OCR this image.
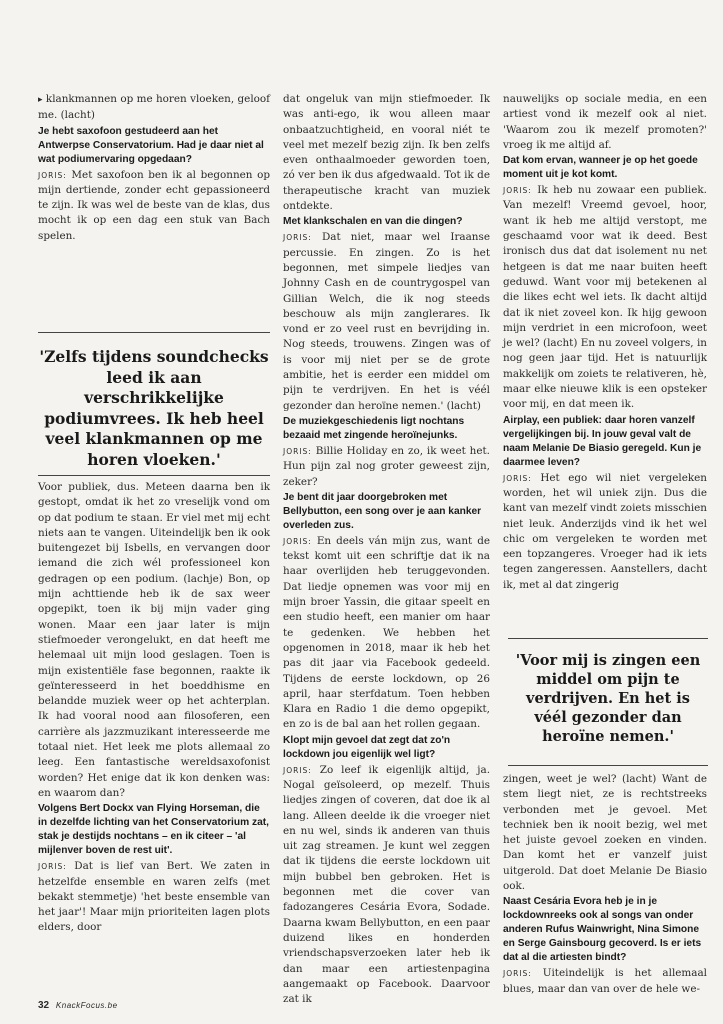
▸ klankmannen op me horen vloeken, geloof me. (lacht)

Je hebt saxofoon gestudeerd aan het Antwerpse Conservatorium. Had je daar niet al wat podiumervaring opgedaan?

JORIS: Met saxofoon ben ik al begonnen op mijn dertiende, zonder echt gepassioneerd te zijn. Ik was wel de beste van de klas, dus mocht ik op een dag een stuk van Bach spelen.

'Zelfs tijdens soundchecks leed ik aan verschrikkelijke podiumvrees. Ik heb heel veel klankmannen op me horen vloeken.'

Voor publiek, dus. Meteen daarna ben ik gestopt, omdat ik het zo vreselijk vond om op dat podium te staan. Er viel met mij echt niets aan te vangen. Uiteindelijk ben ik ook buitengezet bij Isbells, en vervangen door iemand die zich wél professioneel kon gedragen op een podium. (lachje) Bon, op mijn achttiende heb ik de sax weer opgepikt, toen ik bij mijn vader ging wonen. Maar een jaar later is mijn stiefmoeder verongelukt, en dat heeft me helemaal uit mijn lood geslagen. Toen is mijn existentiële fase begonnen, raakte ik geïnteresseerd in het boeddhisme en belandde muziek weer op het achterplan. Ik had vooral nood aan filosoferen, een carrière als jazzmuzikant interesseerde me totaal niet. Het leek me plots allemaal zo leeg. Een fantastische wereldsaxofonist worden? Het enige dat ik kon denken was: en waarom dan?

Volgens Bert Dockx van Flying Horseman, die in dezelfde lichting van het Conservatorium zat, stak je destijds nochtans – en ik citeer – 'al mijlenver boven de rest uit'.

JORIS: Dat is lief van Bert. We zaten in hetzelfde ensemble en waren zelfs (met bekakt stemmetje) 'het beste ensemble van het jaar'! Maar mijn prioriteiten lagen plots elders, door

dat ongeluk van mijn stiefmoeder. Ik was anti-ego, ik wou alleen maar onbaatzuchtigheid, en vooral niét te veel met mezelf bezig zijn. Ik ben zelfs even onthaalmoeder geworden toen, zó ver ben ik dus afgedwaald. Tot ik de therapeutische kracht van muziek ontdekte.

Met klankschalen en van die dingen?

JORIS: Dat niet, maar wel Iraanse percussie. En zingen. Zo is het begonnen, met simpele liedjes van Johnny Cash en de countrygospel van Gillian Welch, die ik nog steeds beschouw als mijn zanglerares. Ik vond er zo veel rust en bevrijding in. Nog steeds, trouwens. Zingen was of is voor mij niet per se de grote ambitie, het is eerder een middel om pijn te verdrijven. En het is véél gezonder dan heroïne nemen.' (lacht)

De muziekgeschiedenis ligt nochtans bezaaid met zingende heroïnejunks.

JORIS: Billie Holiday en zo, ik weet het. Hun pijn zal nog groter geweest zijn, zeker?

Je bent dit jaar doorgebroken met Bellybutton, een song over je aan kanker overleden zus.

JORIS: En deels ván mijn zus, want de tekst komt uit een schriftje dat ik na haar overlijden heb teruggevonden. Dat liedje opnemen was voor mij en mijn broer Yassin, die gitaar speelt en een studio heeft, een manier om haar te gedenken. We hebben het opgenomen in 2018, maar ik heb het pas dit jaar via Facebook gedeeld. Tijdens de eerste lockdown, op 26 april, haar sterfdatum. Toen hebben Klara en Radio 1 die demo opgepikt, en zo is de bal aan het rollen gegaan.

Klopt mijn gevoel dat zegt dat zo'n lockdown jou eigenlijk wel ligt?

JORIS: Zo leef ik eigenlijk altijd, ja. Nogal geïsoleerd, op mezelf. Thuis liedjes zingen of coveren, dat doe ik al lang. Alleen deelde ik die vroeger niet en nu wel, sinds ik anderen van thuis uit zag streamen. Je kunt wel zeggen dat ik tijdens die eerste lockdown uit mijn bubbel ben gebroken. Het is begonnen met die cover van fadozangeres Cesária Evora, Sodade. Daarna kwam Bellybutton, en een paar duizend likes en honderden vriendschapsverzoeken later heb ik dan maar een artiestenpagina aangemaakt op Facebook. Daarvoor zat ik

nauwelijks op sociale media, en een artiest vond ik mezelf ook al niet. 'Waarom zou ik mezelf promoten?' vroeg ik me altijd af.

Dat kom ervan, wanneer je op het goede moment uit je kot komt.

JORIS: Ik heb nu zowaar een publiek. Van mezelf! Vreemd gevoel, hoor, want ik heb me altijd verstopt, me geschaamd voor wat ik deed. Best ironisch dus dat dat isolement nu net hetgeen is dat me naar buiten heeft geduwd. Want voor mij betekenen al die likes echt wel iets. Ik dacht altijd dat ik niet zoveel kon. Ik hijg gewoon mijn verdriet in een microfoon, weet je wel? (lacht) En nu zoveel volgers, in nog geen jaar tijd. Het is natuurlijk makkelijk om zoiets te relativeren, hè, maar elke nieuwe klik is een opsteker voor mij, en dat meen ik.

Airplay, een publiek: daar horen vanzelf vergelijkingen bij. In jouw geval valt de naam Melanie De Biasio geregeld. Kun je daarmee leven?

JORIS: Het ego wil niet vergeleken worden, het wil uniek zijn. Dus die kant van mezelf vindt zoiets misschien niet leuk. Anderzijds vind ik het wel chic om vergeleken te worden met een topzangeres. Vroeger had ik iets tegen zangeressen. Aanstellers, dacht ik, met al dat zingerig

'Voor mij is zingen een middel om pijn te verdrijven. En het is véél gezonder dan heroïne nemen.'

zingen, weet je wel? (lacht) Want de stem liegt niet, ze is rechtstreeks verbonden met je gevoel. Met techniek ben ik nooit bezig, wel met het juiste gevoel zoeken en vinden. Dan komt het er vanzelf juist uitgerold. Dat doet Melanie De Biasio ook.

Naast Cesária Evora heb je in je lockdownreeks ook al songs van onder anderen Rufus Wainwright, Nina Simone en Serge Gainsbourg gecoverd. Is er iets dat al die artiesten bindt?

JORIS: Uiteindelijk is het allemaal blues, maar dan van over de hele we-

32 KnackFocus.be
